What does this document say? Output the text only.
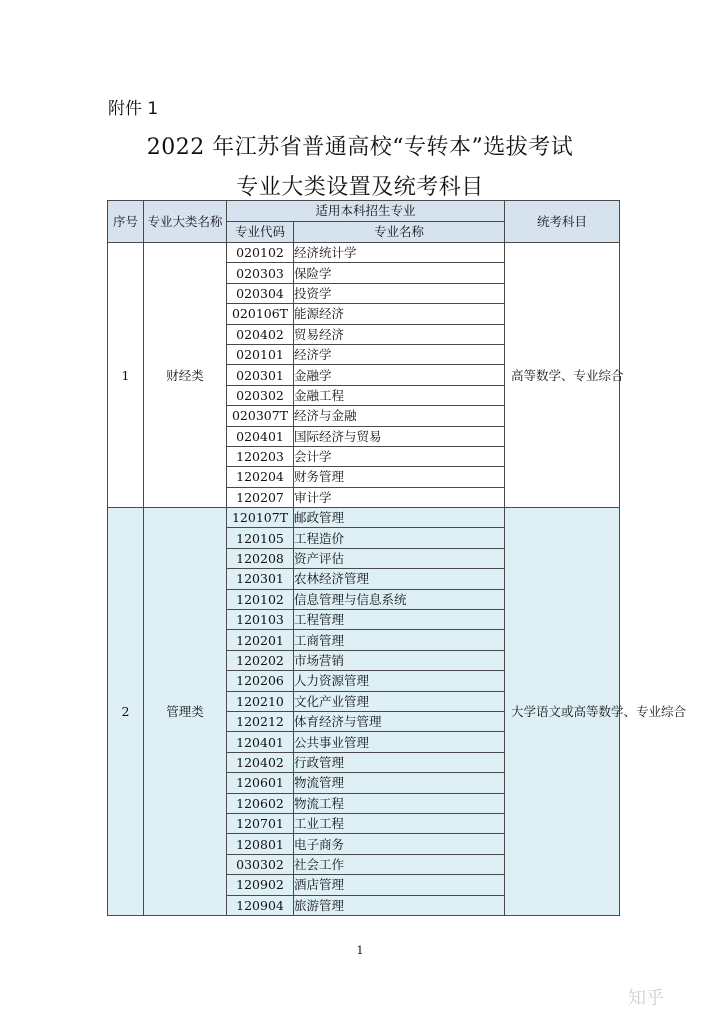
附件 1
2022 年江苏省普通高校“专转本”选拔考试
专业大类设置及统考科目
序号	专业大类名称	适用本科招生专业		统考科目
		专业代码	专业名称	
1	财经类	020102	经济统计学	高等数学、专业综合
		020303	保险学	
		020304	投资学	
		020106T	能源经济	
		020402	贸易经济	
		020101	经济学	
		020301	金融学	
		020302	金融工程	
		020307T	经济与金融	
		020401	国际经济与贸易	
		120203	会计学	
		120204	财务管理	
		120207	审计学	
2	管理类	120107T	邮政管理	大学语文或高等数学、专业综合
		120105	工程造价	
		120208	资产评估	
		120301	农林经济管理	
		120102	信息管理与信息系统	
		120103	工程管理	
		120201	工商管理	
		120202	市场营销	
		120206	人力资源管理	
		120210	文化产业管理	
		120212	体育经济与管理	
		120401	公共事业管理	
		120402	行政管理	
		120601	物流管理	
		120602	物流工程	
		120701	工业工程	
		120801	电子商务	
		030302	社会工作	
		120902	酒店管理	
		120904	旅游管理	
1
知乎
